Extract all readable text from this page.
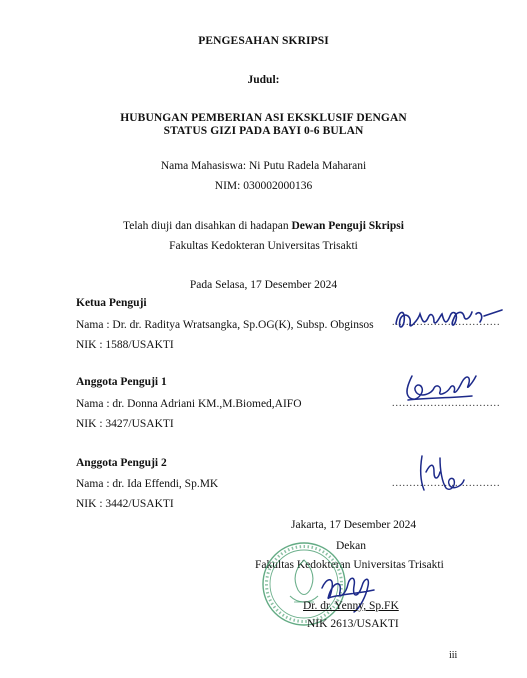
PENGESAHAN SKRIPSI
Judul:
HUBUNGAN PEMBERIAN ASI EKSKLUSIF DENGAN
STATUS GIZI PADA BAYI 0-6 BULAN
Nama Mahasiswa: Ni Putu Radela Maharani
NIM: 030002000136
Telah diuji dan disahkan di hadapan Dewan Penguji Skripsi
Fakultas Kedokteran Universitas Trisakti
Pada Selasa, 17 Desember 2024
Ketua Penguji
Nama : Dr. dr. Raditya Wratsangka, Sp.OG(K), Subsp. Obginsos
NIK : 1588/USAKTI
...............................
Anggota Penguji 1
Nama : dr. Donna Adriani KM.,M.Biomed,AIFO
NIK : 3427/USAKTI
...............................
Anggota Penguji 2
Nama : dr. Ida Effendi, Sp.MK
NIK : 3442/USAKTI
...............................
Jakarta, 17 Desember 2024
Dekan
Fakultas Kedokteran Universitas Trisakti
Dr. dr. Yenny, Sp.FK
NIK 2613/USAKTI
iii
